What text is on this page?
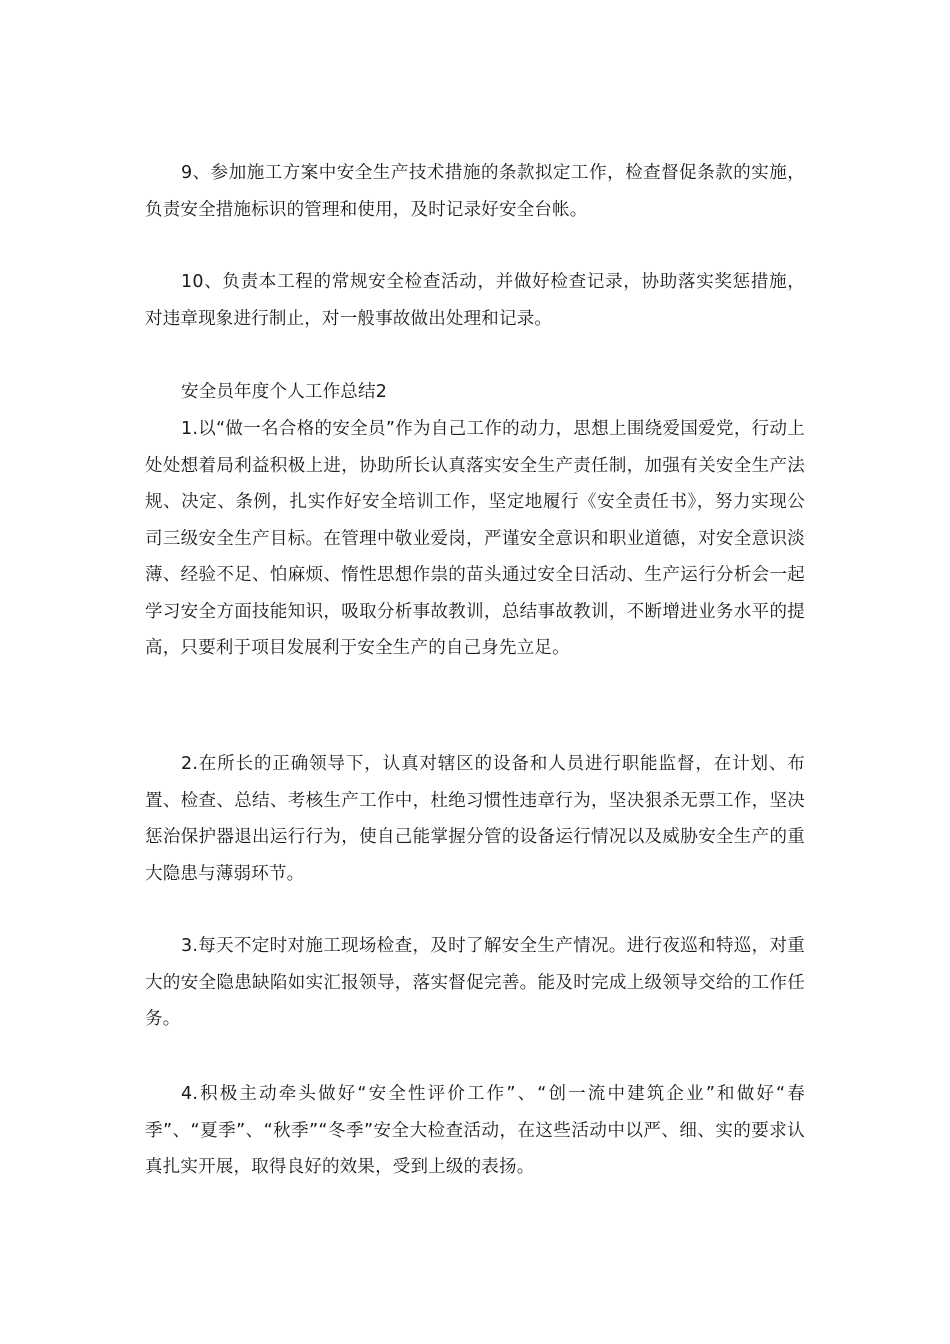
9、参加施工方案中安全生产技术措施的条款拟定工作，检查督促条款的实施，负责安全措施标识的管理和使用，及时记录好安全台帐。

10、负责本工程的常规安全检查活动，并做好检查记录，协助落实奖惩措施，对违章现象进行制止，对一般事故做出处理和记录。

安全员年度个人工作总结2

1.以“做一名合格的安全员”作为自己工作的动力，思想上围绕爱国爱党，行动上处处想着局利益积极上进，协助所长认真落实安全生产责任制，加强有关安全生产法规、决定、条例，扎实作好安全培训工作，坚定地履行《安全责任书》，努力实现公司三级安全生产目标。在管理中敬业爱岗，严谨安全意识和职业道德，对安全意识淡薄、经验不足、怕麻烦、惰性思想作祟的苗头通过安全日活动、生产运行分析会一起学习安全方面技能知识，吸取分析事故教训，总结事故教训，不断增进业务水平的提高，只要利于项目发展利于安全生产的自己身先立足。

2.在所长的正确领导下，认真对辖区的设备和人员进行职能监督，在计划、布置、检查、总结、考核生产工作中，杜绝习惯性违章行为，坚决狠杀无票工作，坚决惩治保护器退出运行行为，使自己能掌握分管的设备运行情况以及威胁安全生产的重大隐患与薄弱环节。

3.每天不定时对施工现场检查，及时了解安全生产情况。进行夜巡和特巡，对重大的安全隐患缺陷如实汇报领导，落实督促完善。能及时完成上级领导交给的工作任务。

4.积极主动牵头做好“安全性评价工作”、“创一流中建筑企业”和做好“春季”、“夏季”、“秋季”“冬季”安全大检查活动，在这些活动中以严、细、实的要求认真扎实开展，取得良好的效果，受到上级的表扬。
